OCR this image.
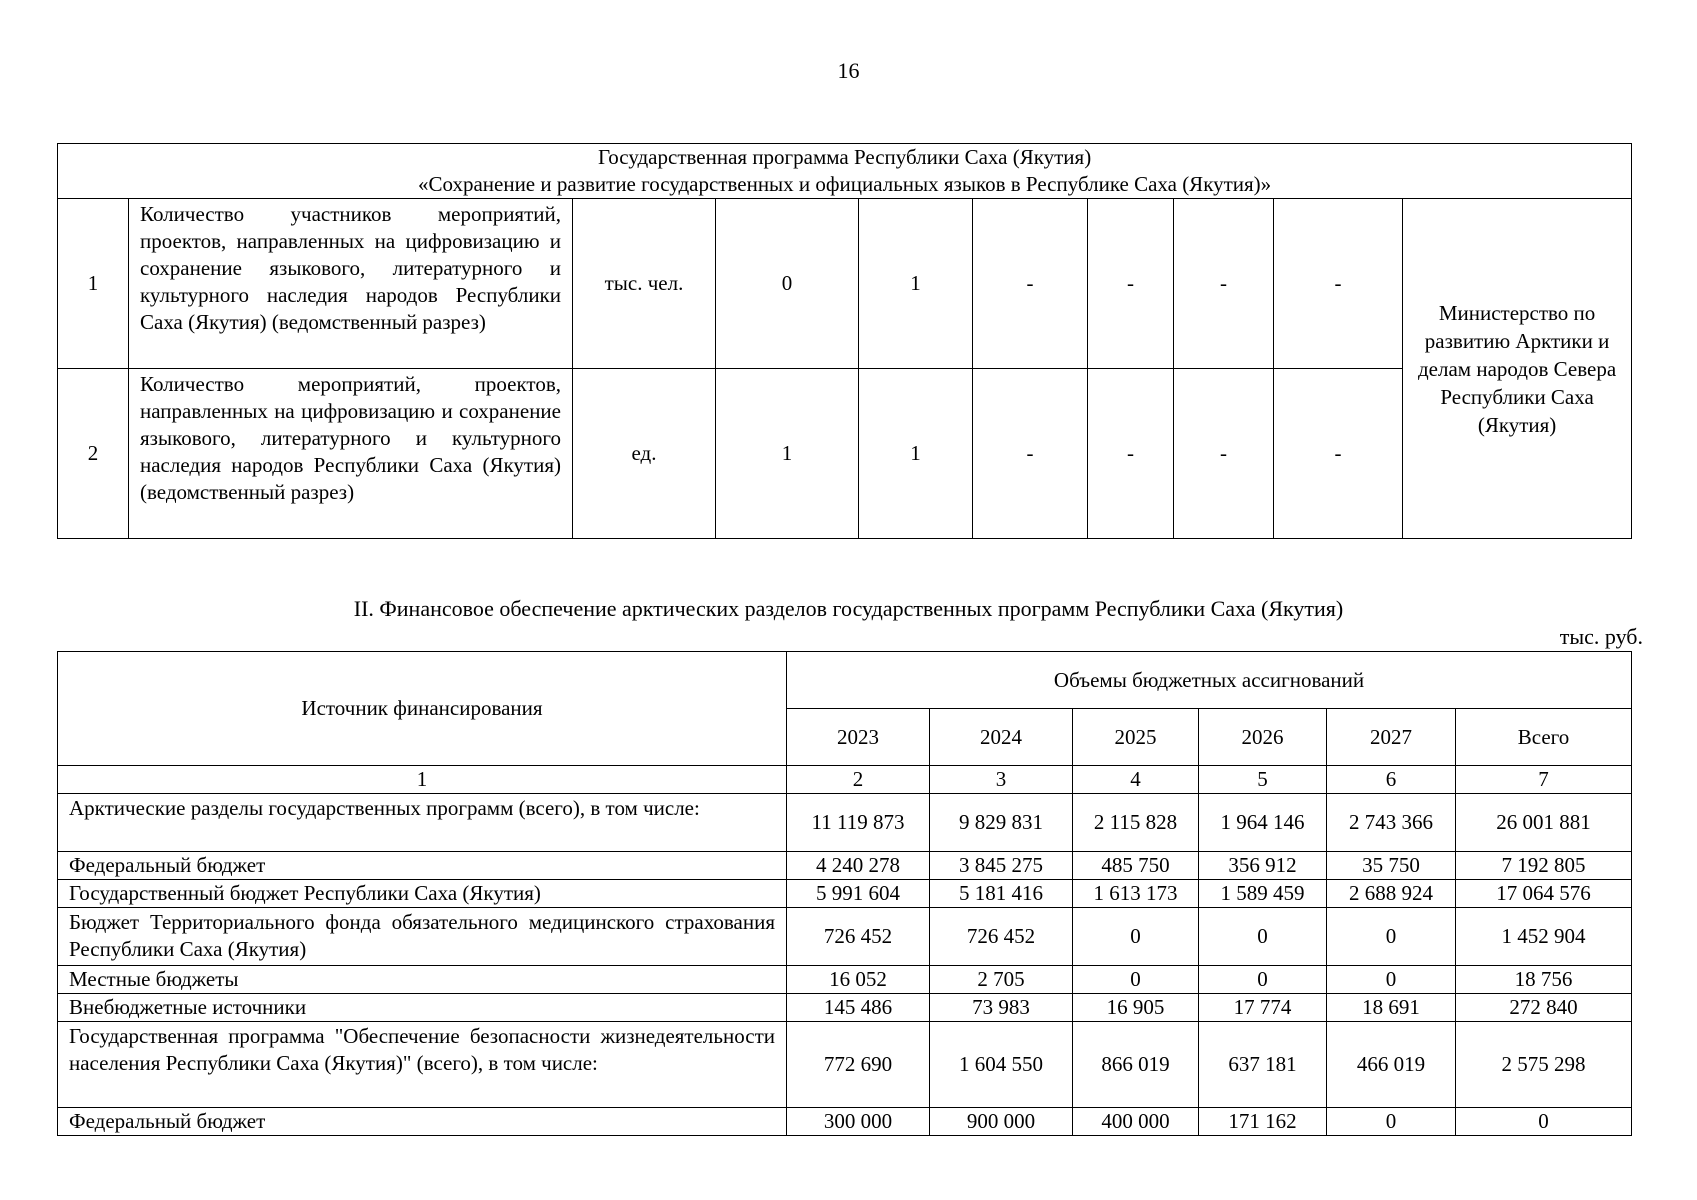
16
Государственная программа Республики Саха (Якутия)
«Сохранение и развитие государственных и официальных языков в Республике Саха (Якутия)»									

1	Количество участников мероприятий, проектов, направленных на цифровизацию и сохранение языкового, литературного и культурного наследия народов Республики Саха (Якутия) (ведомственный разрез)	тыс. чел.	0	1	-	-	-	-	Министерство по развитию Арктики и делам народов Севера Республики Саха (Якутия)
2	Количество мероприятий, проектов, направленных на цифровизацию и сохранение языкового, литературного и культурного наследия народов Республики Саха (Якутия) (ведомственный разрез)	ед.	1	1	-	-	-	-	
II. Финансовое обеспечение арктических разделов государственных программ Республики Саха (Якутия)
тыс. руб.
Источник финансирования	Объемы бюджетных ассигнований					
	2023	2024	2025	2026	2027	Всего
1	2	3	4	5	6	7
Арктические разделы государственных программ (всего), в том числе:	11 119 873	9 829 831	2 115 828	1 964 146	2 743 366	26 001 881
Федеральный бюджет	4 240 278	3 845 275	485 750	356 912	35 750	7 192 805
Государственный бюджет Республики Саха (Якутия)	5 991 604	5 181 416	1 613 173	1 589 459	2 688 924	17 064 576
Бюджет Территориального фонда обязательного медицинского страхования Республики Саха (Якутия)	726 452	726 452	0	0	0	1 452 904
Местные бюджеты	16 052	2 705	0	0	0	18 756
Внебюджетные источники	145 486	73 983	16 905	17 774	18 691	272 840
Государственная программа "Обеспечение безопасности жизнедеятельности населения Республики Саха (Якутия)" (всего), в том числе:	772 690	1 604 550	866 019	637 181	466 019	2 575 298
Федеральный бюджет	300 000	900 000	400 000	171 162	0	0
